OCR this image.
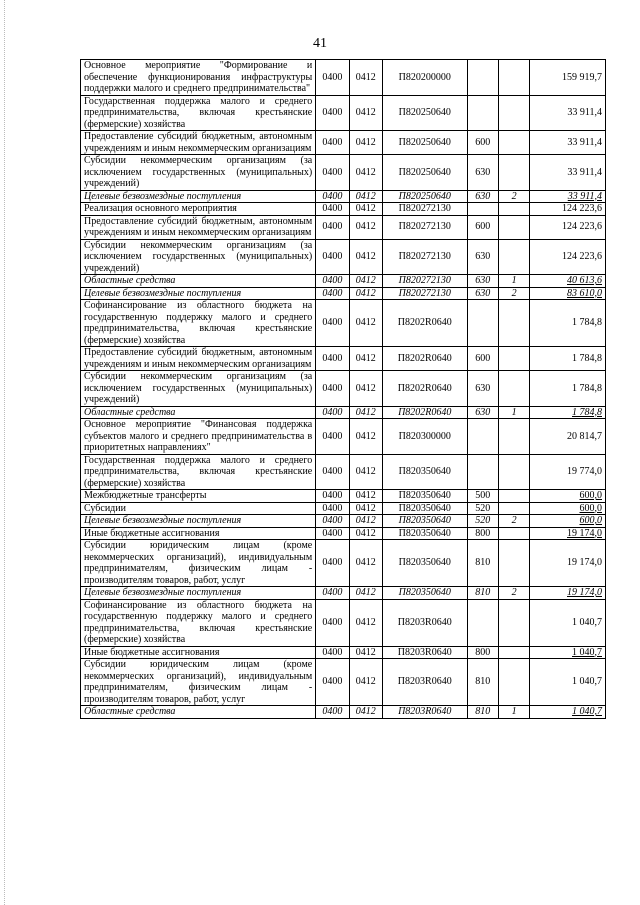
41
Основное мероприятие "Формирование и обеспечение функционирования инфраструктуры поддержки малого и среднего предпринимательства"	0400	0412	П820200000			159 919,7
Государственная поддержка малого и среднего предпринимательства, включая крестьянские (фермерские) хозяйства	0400	0412	П820250640			33 911,4
Предоставление субсидий бюджетным, автономным учреждениям и иным некоммерческим организациям	0400	0412	П820250640	600		33 911,4
Субсидии некоммерческим организациям (за исключением государственных (муниципальных) учреждений)	0400	0412	П820250640	630		33 911,4
Целевые безвозмездные поступления	0400	0412	П820250640	630	2	33 911,4
Реализация основного мероприятия	0400	0412	П820272130			124 223,6
Предоставление субсидий бюджетным, автономным учреждениям и иным некоммерческим организациям	0400	0412	П820272130	600		124 223,6
Субсидии некоммерческим организациям (за исключением государственных (муниципальных) учреждений)	0400	0412	П820272130	630		124 223,6
Областные средства	0400	0412	П820272130	630	1	40 613,6
Целевые безвозмездные поступления	0400	0412	П820272130	630	2	83 610,0
Софинансирование из областного бюджета на государственную поддержку малого и среднего предпринимательства, включая крестьянские (фермерские) хозяйства	0400	0412	П8202R0640			1 784,8
Предоставление субсидий бюджетным, автономным учреждениям и иным некоммерческим организациям	0400	0412	П8202R0640	600		1 784,8
Субсидии некоммерческим организациям (за исключением государственных (муниципальных) учреждений)	0400	0412	П8202R0640	630		1 784,8
Областные средства	0400	0412	П8202R0640	630	1	1 784,8
Основное мероприятие "Финансовая поддержка субъектов малого и среднего предпринимательства в приоритетных направлениях"	0400	0412	П820300000			20 814,7
Государственная поддержка малого и среднего предпринимательства, включая крестьянские (фермерские) хозяйства	0400	0412	П820350640			19 774,0
Межбюджетные трансферты	0400	0412	П820350640	500		600,0
Субсидии	0400	0412	П820350640	520		600,0
Целевые безвозмездные поступления	0400	0412	П820350640	520	2	600,0
Иные бюджетные ассигнования	0400	0412	П820350640	800		19 174,0
Субсидии юридическим лицам (кроме некоммерческих организаций), индивидуальным предпринимателям, физическим лицам - производителям товаров, работ, услуг	0400	0412	П820350640	810		19 174,0
Целевые безвозмездные поступления	0400	0412	П820350640	810	2	19 174,0
Софинансирование из областного бюджета на государственную поддержку малого и среднего предпринимательства, включая крестьянские (фермерские) хозяйства	0400	0412	П8203R0640			1 040,7
Иные бюджетные ассигнования	0400	0412	П8203R0640	800		1 040,7
Субсидии юридическим лицам (кроме некоммерческих организаций), индивидуальным предпринимателям, физическим лицам - производителям товаров, работ, услуг	0400	0412	П8203R0640	810		1 040,7
Областные средства	0400	0412	П8203R0640	810	1	1 040,7
